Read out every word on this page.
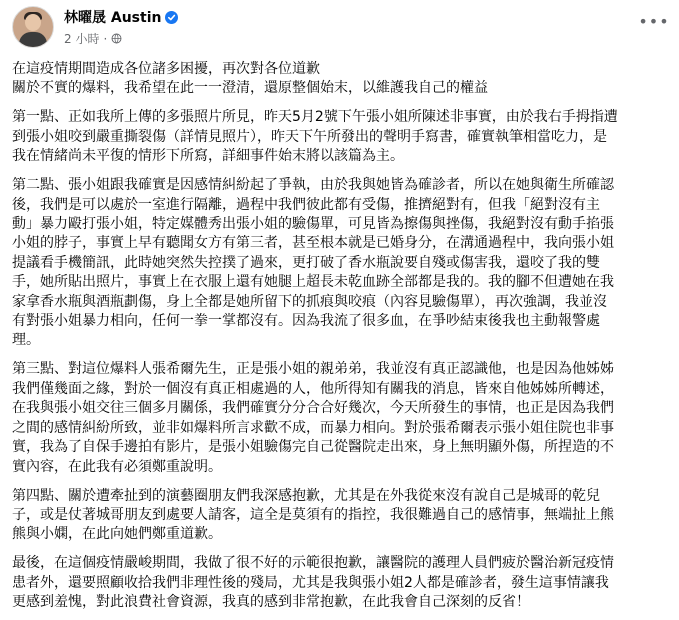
林曜晟 Austin
2 小時 ·
•••

在這疫情期間造成各位諸多困擾，再次對各位道歉
關於不實的爆料，我希望在此一一澄清，還原整個始末，以維護我自己的權益

第一點、正如我所上傳的多張照片所見，昨天5月2號下午張小姐所陳述非事實，由於我右手拇指遭
到張小姐咬到嚴重撕裂傷（詳情見照片），昨天下午所發出的聲明手寫書，確實執筆相當吃力，是
我在情緒尚未平復的情形下所寫，詳細事件始末將以該篇為主。

第二點、張小姐跟我確實是因感情糾紛起了爭執，由於我與她皆為確診者，所以在她與衛生所確認
後，我們是可以處於一室進行隔離，過程中我們彼此都有受傷，推擠絕對有，但我「絕對沒有主
動」暴力毆打張小姐，特定媒體秀出張小姐的驗傷單，可見皆為擦傷與挫傷，我絕對沒有動手掐張
小姐的脖子，事實上早有聽聞女方有第三者，甚至根本就是已婚身分，在溝通過程中，我向張小姐
提議看手機簡訊，此時她突然失控撲了過來，更打破了香水瓶說要自殘或傷害我，還咬了我的雙
手，她所貼出照片，事實上在衣服上還有她腿上超長未乾血跡全部都是我的。我的腳不但遭她在我
家拿香水瓶與酒瓶劃傷，身上全都是她所留下的抓痕與咬痕（內容見驗傷單），再次強調，我並沒
有對張小姐暴力相向，任何一拳一掌都沒有。因為我流了很多血，在爭吵結束後我也主動報警處
理。

第三點、對這位爆料人張希爾先生，正是張小姐的親弟弟，我並沒有真正認識他，也是因為他姊姊
我們僅幾面之緣，對於一個沒有真正相處過的人，他所得知有關我的消息，皆來自他姊姊所轉述，
在我與張小姐交往三個多月關係，我們確實分分合合好幾次，今天所發生的事情，也正是因為我們
之間的感情糾紛所致，並非如爆料所言求歡不成，而暴力相向。對於張希爾表示張小姐住院也非事
實，我為了自保手邊拍有影片，是張小姐驗傷完自己從醫院走出來，身上無明顯外傷，所捏造的不
實內容，在此我有必須鄭重說明。

第四點、關於遭牽扯到的演藝圈朋友們我深感抱歉，尤其是在外我從來沒有說自己是城哥的乾兒
子，或是仗著城哥朋友到處要人請客，這全是莫須有的指控，我很難過自己的感情事，無端扯上熊
熊與小嫻，在此向她們鄭重道歉。

最後，在這個疫情嚴峻期間，我做了很不好的示範很抱歉，讓醫院的護理人員們疲於醫治新冠疫情
患者外，還要照顧收拾我們非理性後的殘局，尤其是我與張小姐2人都是確診者，發生這事情讓我
更感到羞愧，對此浪費社會資源，我真的感到非常抱歉，在此我會自己深刻的反省！
